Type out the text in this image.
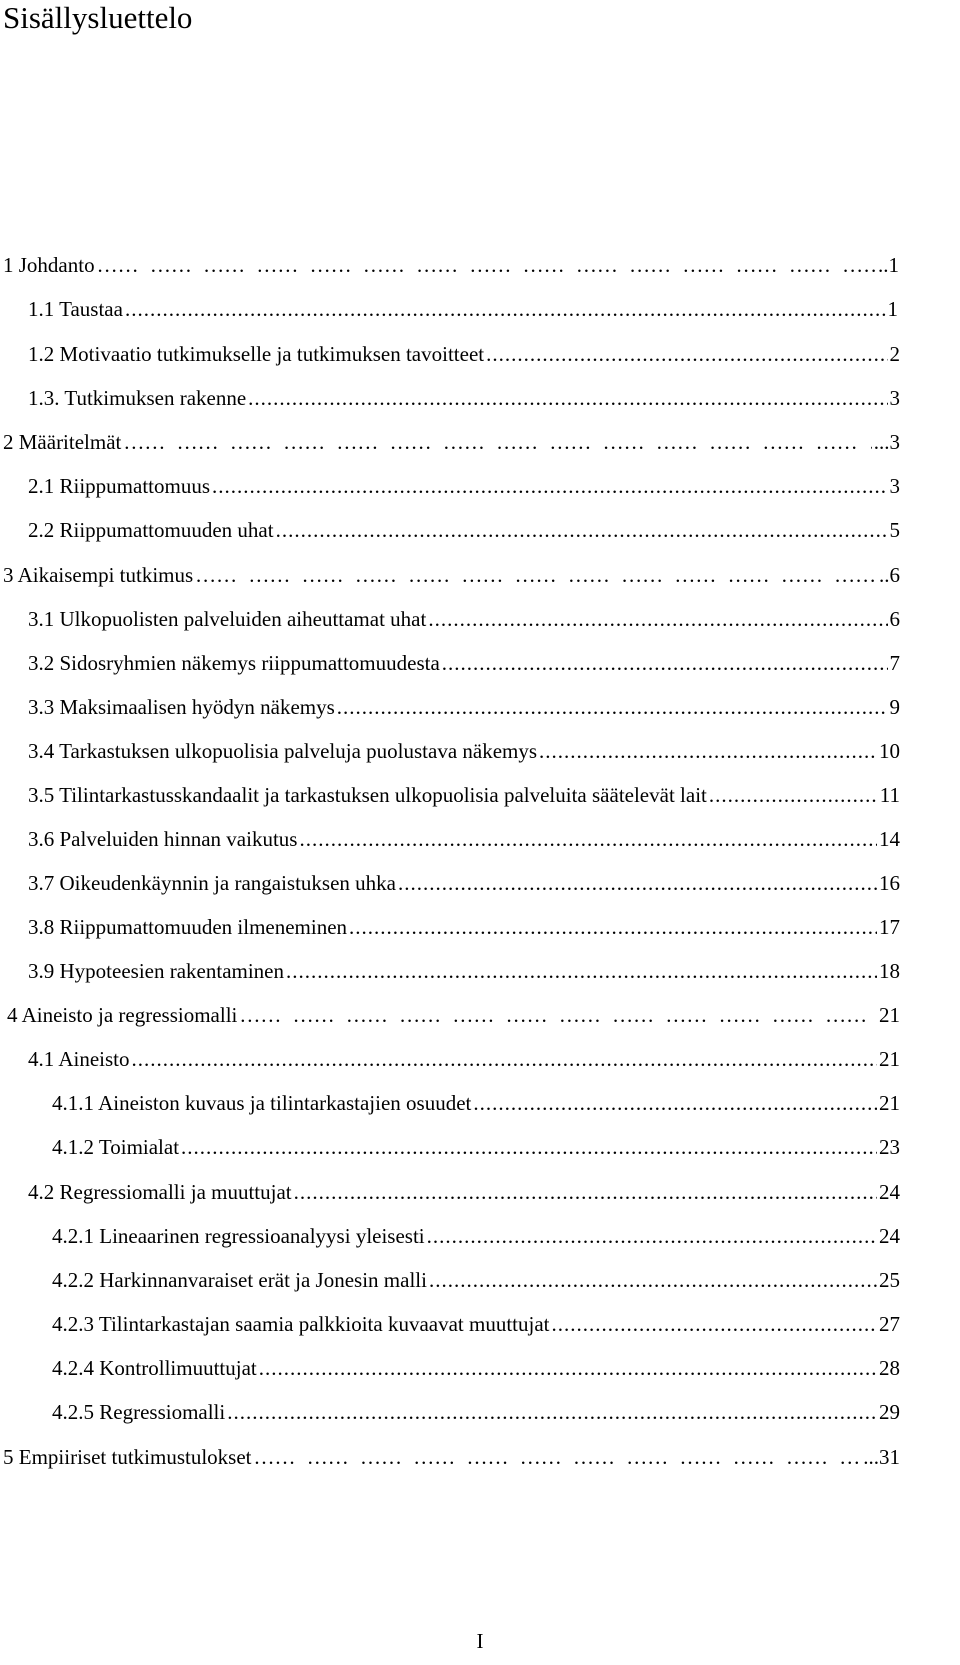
Sisällysluettelo
1 Johdanto …… …… …… …… …… …… …… …… …… …… …… …… …… …… …… …… …… …… …… …… …… …… …… …… …… …… …… …… …… …… …… …… …… …… …… ……	..1
1.1 Taustaa .....	1
1.2 Motivaatio tutkimukselle ja tutkimuksen tavoitteet .....	2
1.3. Tutkimuksen rakenne .....	3
2 Määritelmät …… …… …… …… …… …… …… …… …… …… …… …… …… …… …… …… …… …… …… …… …… …… …… …… …… …… …… …… …… …… …… …… …… …… …… ……	...3
2.1 Riippumattomuus .....	3
2.2 Riippumattomuuden uhat .....	5
3 Aikaisempi tutkimus …… …… …… …… …… …… …… …… …… …… …… …… …… …… …… …… …… …… …… …… …… …… …… …… …… …… …… …… …… …… …… …… …… …… …… ……	..6
3.1 Ulkopuolisten palveluiden aiheuttamat uhat .....	6
3.2 Sidosryhmien näkemys riippumattomuudesta .....	7
3.3 Maksimaalisen hyödyn näkemys .....	9
3.4 Tarkastuksen ulkopuolisia palveluja puolustava näkemys .....	10
3.5 Tilintarkastusskandaalit ja tarkastuksen ulkopuolisia palveluita säätelevät lait .....	11
3.6 Palveluiden hinnan vaikutus .....	14
3.7 Oikeudenkäynnin ja rangaistuksen uhka .....	16
3.8 Riippumattomuuden ilmeneminen .....	17
3.9 Hypoteesien rakentaminen .....	18
4 Aineisto ja regressiomalli …… …… …… …… …… …… …… …… …… …… …… …… …… …… …… …… …… …… …… …… …… …… …… …… …… …… …… …… …… …… …… …… …… …… …… ……	21
4.1 Aineisto .....	21
4.1.1 Aineiston kuvaus ja tilintarkastajien osuudet .....	21
4.1.2 Toimialat .....	23
4.2 Regressiomalli ja muuttujat .....	24
4.2.1 Lineaarinen regressioanalyysi yleisesti .....	24
4.2.2 Harkinnanvaraiset erät ja Jonesin malli .....	25
4.2.3 Tilintarkastajan saamia palkkioita kuvaavat muuttujat .....	27
4.2.4 Kontrollimuuttujat .....	28
4.2.5 Regressiomalli .....	29
5 Empiiriset tutkimustulokset …… …… …… …… …… …… …… …… …… …… …… …… …… …… …… …… …… …… …… …… …… …… …… …… …… …… …… …… …… …… …… …… …… …… …… ……	...31
I
